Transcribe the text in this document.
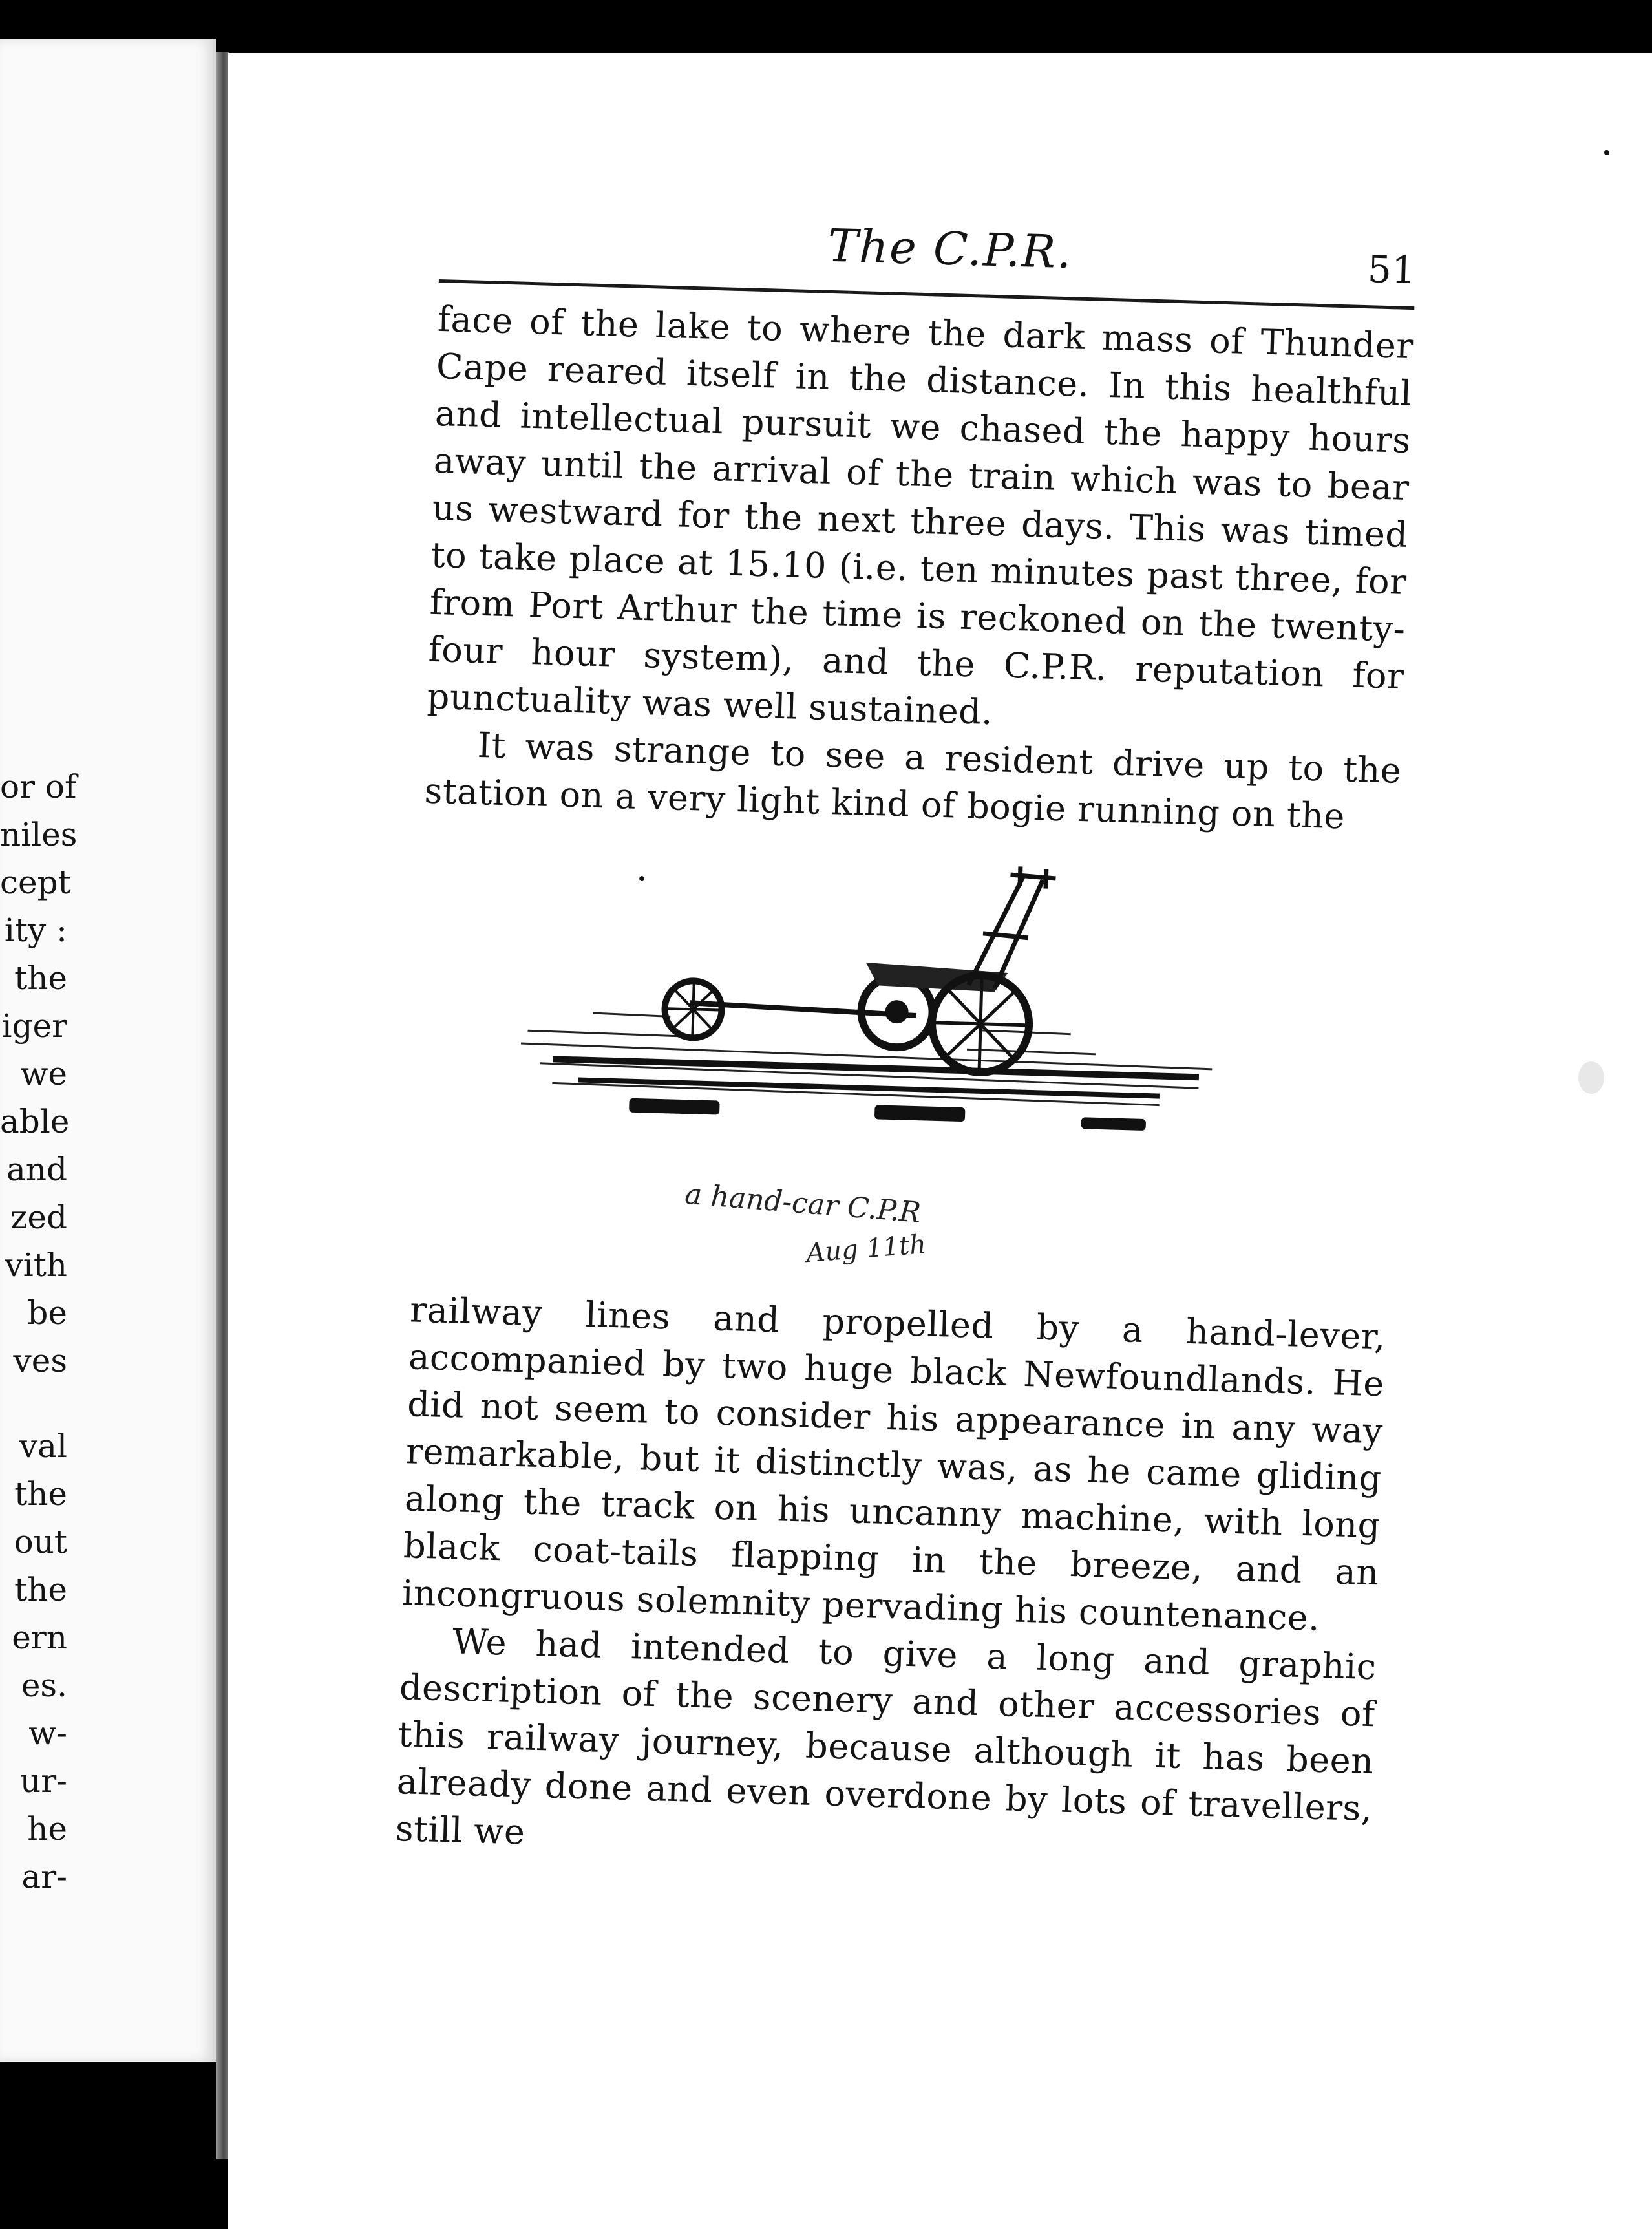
or of
niles
cept
ity :
the
iger
we
able
and
zed
vith
be
ves
val
the
out
the
ern
es.
w-
ur-
he
ar-
The C.P.R.	51

face of the lake to where the dark mass of Thunder Cape reared itself in the distance. In this healthful and intellectual pursuit we chased the happy hours away until the arrival of the train which was to bear us westward for the next three days. This was timed to take place at 15.10 (i.e. ten minutes past three, for from Port Arthur the time is reckoned on the twenty-four hour system), and the C.P.R. reputation for punctuality was well sustained.

It was strange to see a resident drive up to the station on a very light kind of bogie running on the

a hand-car C.P.R
Aug 11th

railway lines and propelled by a hand-lever, accompanied by two huge black Newfoundlands. He did not seem to consider his appearance in any way remarkable, but it distinctly was, as he came gliding along the track on his uncanny machine, with long black coat-tails flapping in the breeze, and an incongruous solemnity pervading his countenance.

We had intended to give a long and graphic description of the scenery and other accessories of this railway journey, because although it has been already done and even overdone by lots of travellers, still we
